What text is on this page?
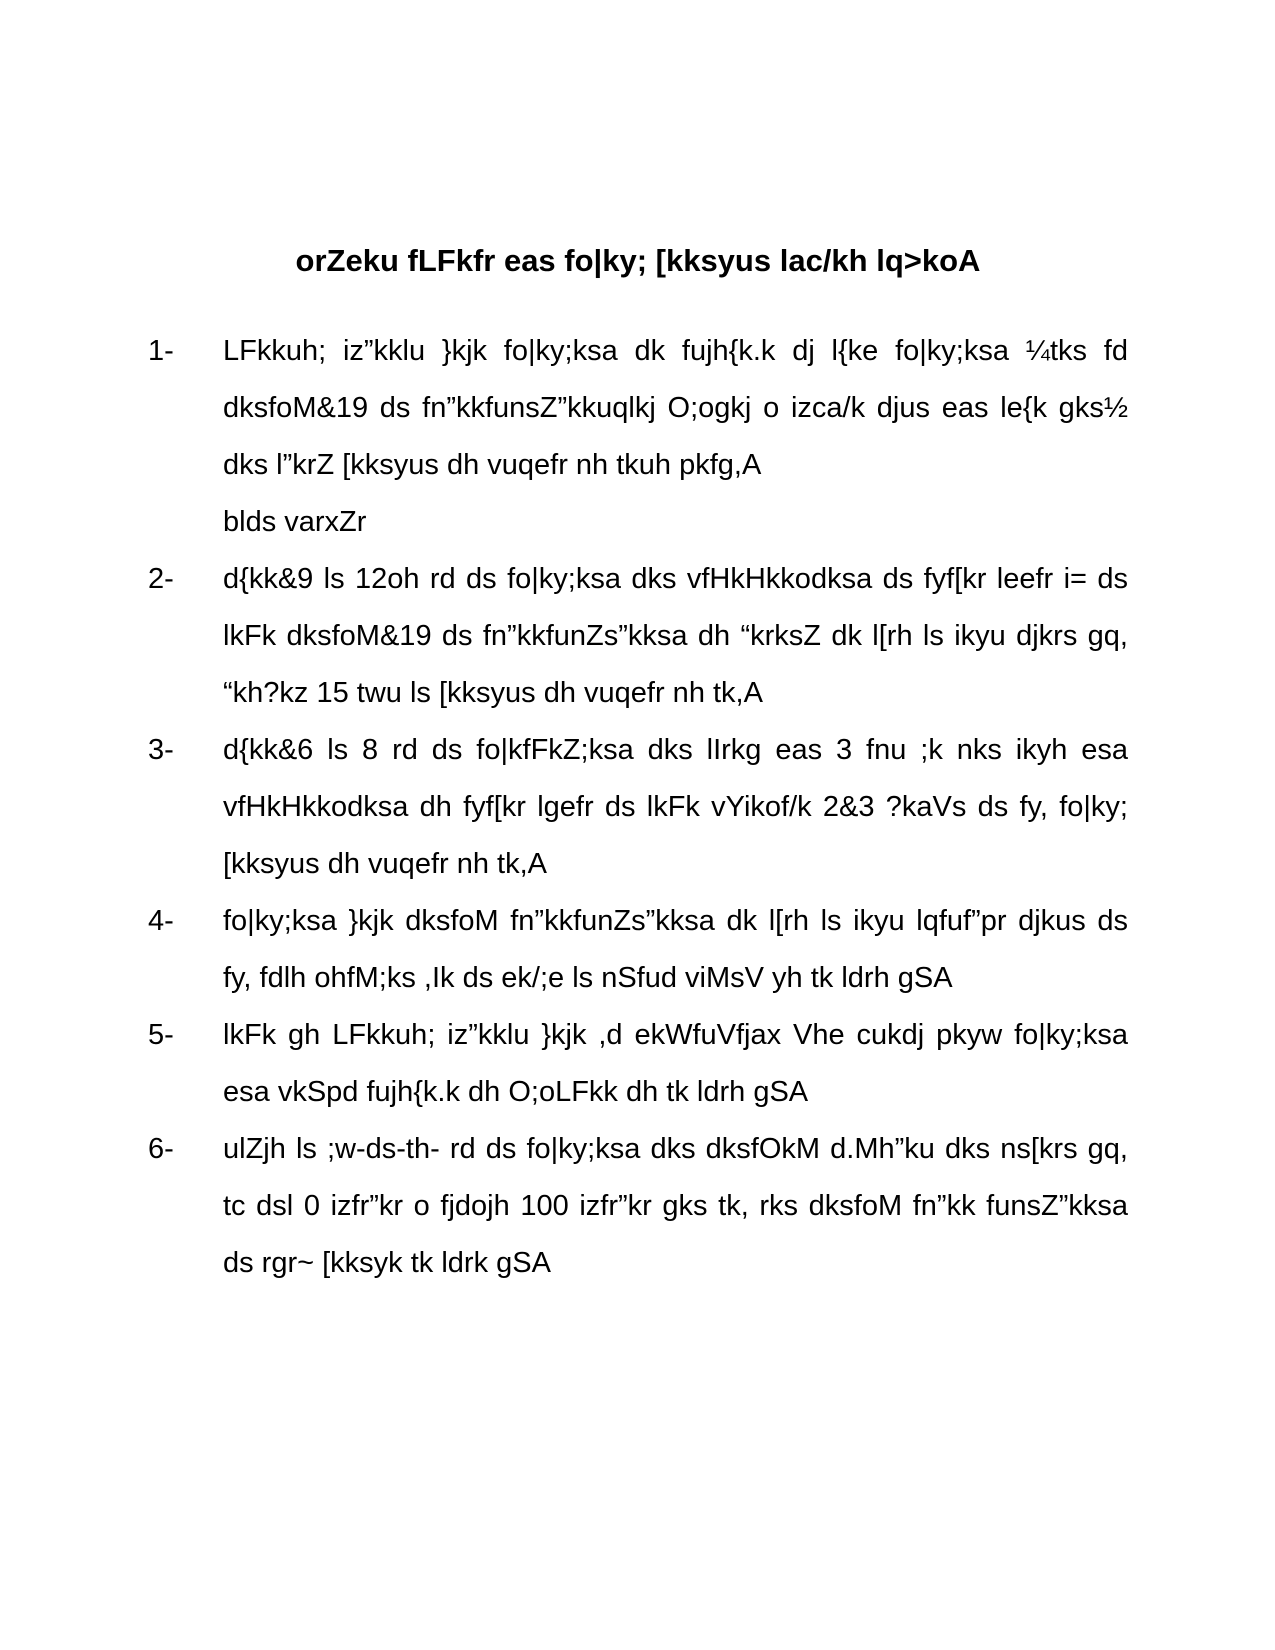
orZeku fLFkfr eas fo|ky; [kksyus lac/kh lq>koA
1- LFkkuh; iz”kklu }kjk fo|ky;ksa dk fujh{k.k dj l{ke fo|ky;ksa ¼tks fd dksfoM&19 ds fn”kkfunsZ”kkuqlkj O;ogkj o izca/k djus eas le{k gks½ dks l”krZ [kksyus dh vuqefr nh tkuh pkfg,A

blds varxZr

2- d{kk&9 ls 12oh rd ds fo|ky;ksa dks vfHkHkkodksa ds fyf[kr leefr i= ds lkFk dksfoM&19 ds fn”kkfunZs”kksa dh “krksZ dk l[rh ls ikyu djkrs gq, “kh?kz 15 twu ls [kksyus dh vuqefr nh tk,A

3- d{kk&6 ls 8 rd ds fo|kfFkZ;ksa dks lIrkg eas 3 fnu ;k nks ikyh esa vfHkHkkodksa dh fyf[kr lgefr ds lkFk vYikof/k 2&3 ?kaVs ds fy, fo|ky; [kksyus dh vuqefr nh tk,A

4- fo|ky;ksa }kjk dksfoM fn”kkfunZs”kksa dk l[rh ls ikyu lqfuf”pr djkus ds fy, fdlh ohfM;ks ,Ik ds ek/;e ls nSfud viMsV yh tk ldrh gSA

5- lkFk gh LFkkuh; iz”kklu }kjk ,d ekWfuVfjax Vhe cukdj pkyw fo|ky;ksa esa vkSpd fujh{k.k dh O;oLFkk dh tk ldrh gSA

6- ulZjh ls ;w-ds-th- rd ds fo|ky;ksa dks dksfOkM d.Mh”ku dks ns[krs gq, tc dsl 0 izfr”kr o fjdojh 100 izfr”kr gks tk, rks dksfoM fn”kk funsZ”kksa ds rgr~ [kksyk tk ldrk gSA
